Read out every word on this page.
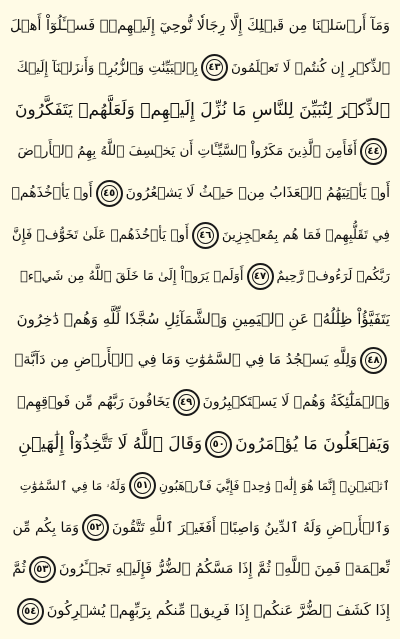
وَمَآ أَرۡسَلۡنَا مِن قَبۡلِكَ إِلَّا رِجَالٗا نُّوحِيٓ إِلَيۡهِمۡۖ فَسۡـَٔلُوٓاْ أَهۡلَ
ٱلذِّكۡرِ إِن كُنتُمۡ لَا تَعۡلَمُونَ
٤٣
بِٱلۡبَيِّنَٰتِ وَٱلزُّبُرِۗ وَأَنزَلۡنَآ إِلَيۡكَ
ٱلذِّكۡرَ لِتُبَيِّنَ لِلنَّاسِ مَا نُزِّلَ إِلَيۡهِمۡ وَلَعَلَّهُمۡ يَتَفَكَّرُونَ
٤٤
أَفَأَمِنَ ٱلَّذِينَ مَكَرُواْ ٱلسَّيِّـَٔاتِ أَن يَخۡسِفَ ٱللَّهُ بِهِمُ ٱلۡأَرۡضَ
أَوۡ يَأۡتِيَهُمُ ٱلۡعَذَابُ مِنۡ حَيۡثُ لَا يَشۡعُرُونَ
٤٥
أَوۡ يَأۡخُذَهُمۡ
فِي تَقَلُّبِهِمۡ فَمَا هُم بِمُعۡجِزِينَ
٤٦
أَوۡ يَأۡخُذَهُمۡ عَلَىٰ تَخَوُّفٖ فَإِنَّ
رَبَّكُمۡ لَرَءُوفٞ رَّحِيمٌ
٤٧
أَوَلَمۡ يَرَوۡاْ إِلَىٰ مَا خَلَقَ ٱللَّهُ مِن شَيۡءٖ
يَتَفَيَّؤُاْ ظِلَٰلُهُۥ عَنِ ٱلۡيَمِينِ وَٱلشَّمَآئِلِ سُجَّدٗا لِّلَّهِ وَهُمۡ دَٰخِرُونَ
٤٨
وَلِلَّهِ يَسۡجُدُ مَا فِي ٱلسَّمَٰوَٰتِ وَمَا فِي ٱلۡأَرۡضِ مِن دَآبَّةٖ
وَٱلۡمَلَٰٓئِكَةُ وَهُمۡ لَا يَسۡتَكۡبِرُونَ
٤٩
يَخَافُونَ رَبَّهُم مِّن فَوۡقِهِمۡ
وَيَفۡعَلُونَ مَا يُؤۡمَرُونَ
٥٠
وَقَالَ ٱللَّهُ لَا تَتَّخِذُوٓاْ إِلَٰهَيۡنِ
ٱثۡنَيۡنِۖ إِنَّمَا هُوَ إِلَٰهٞ وَٰحِدٞ فَإِيَّٰيَ فَٱرۡهَبُونِ
٥١
وَلَهُۥ مَا فِي ٱلسَّمَٰوَٰتِ
وَٱلۡأَرۡضِ وَلَهُ ٱلدِّينُ وَاصِبًاۚ أَفَغَيۡرَ ٱللَّهِ تَتَّقُونَ
٥٢
وَمَا بِكُم مِّن
نِّعۡمَةٖ فَمِنَ ٱللَّهِۖ ثُمَّ إِذَا مَسَّكُمُ ٱلضُّرُّ فَإِلَيۡهِ تَجۡـَٔرُونَ
٥٣
ثُمَّ
إِذَا كَشَفَ ٱلضُّرَّ عَنكُمۡ إِذَا فَرِيقٞ مِّنكُم بِرَبِّهِمۡ يُشۡرِكُونَ
٥٤
